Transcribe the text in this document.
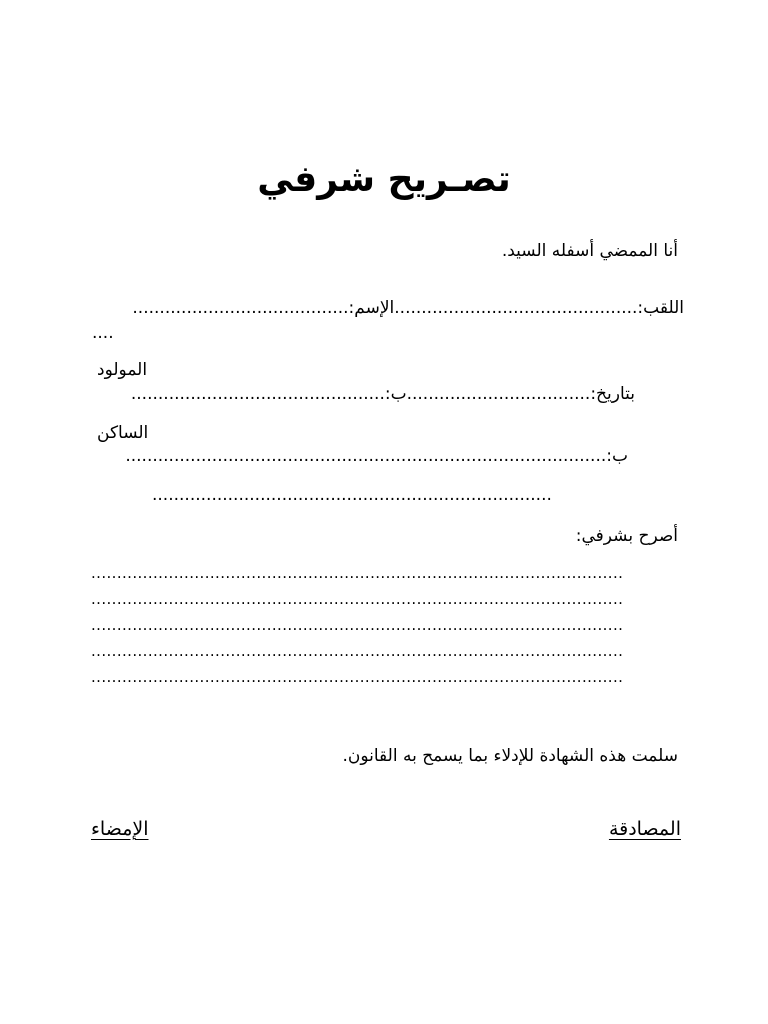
تصـريح شرفي
أنا الممضي أسفله السيد.
اللقب:.............................................الإسم:........................................
....
المولود
بتاريخ:..................................ب:...............................................
الساكن
ب:.........................................................................................
..........................................................................
أصرح بشرفي:
.......................................................................................................
.......................................................................................................
.......................................................................................................
.......................................................................................................
.......................................................................................................
سلمت هذه الشهادة للإدلاء بما يسمح به القانون.
المصادقة
الإمضاء
